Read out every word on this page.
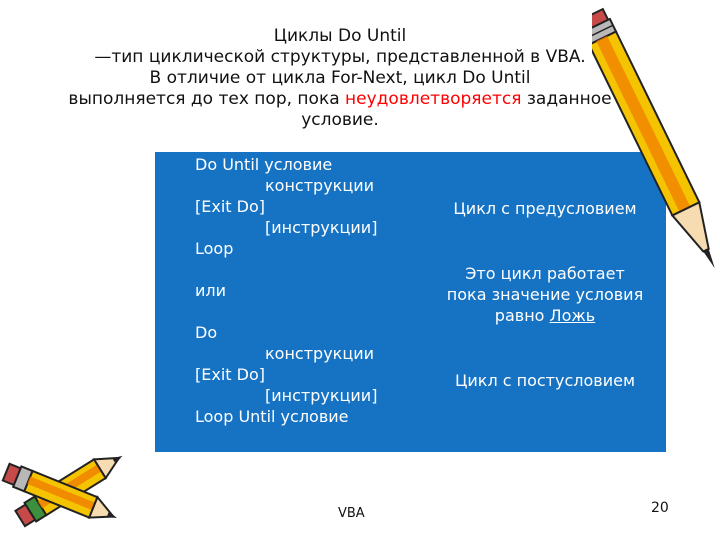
Циклы Do Until
—тип циклической структуры, представленной в VBA.
В отличие от цикла For-Next, цикл Do Until
выполняется до тех пор, пока неудовлетворяется заданное
условие.
Do Until условие
конструкции
[Exit Do]
[инструкции]
Loop
или
Do
конструкции
[Exit Do]
[инструкции]
Loop Until условие
Цикл с предусловием
Это цикл работает
пока значение условия
равно Ложь
Цикл с постусловием
VBA	20
